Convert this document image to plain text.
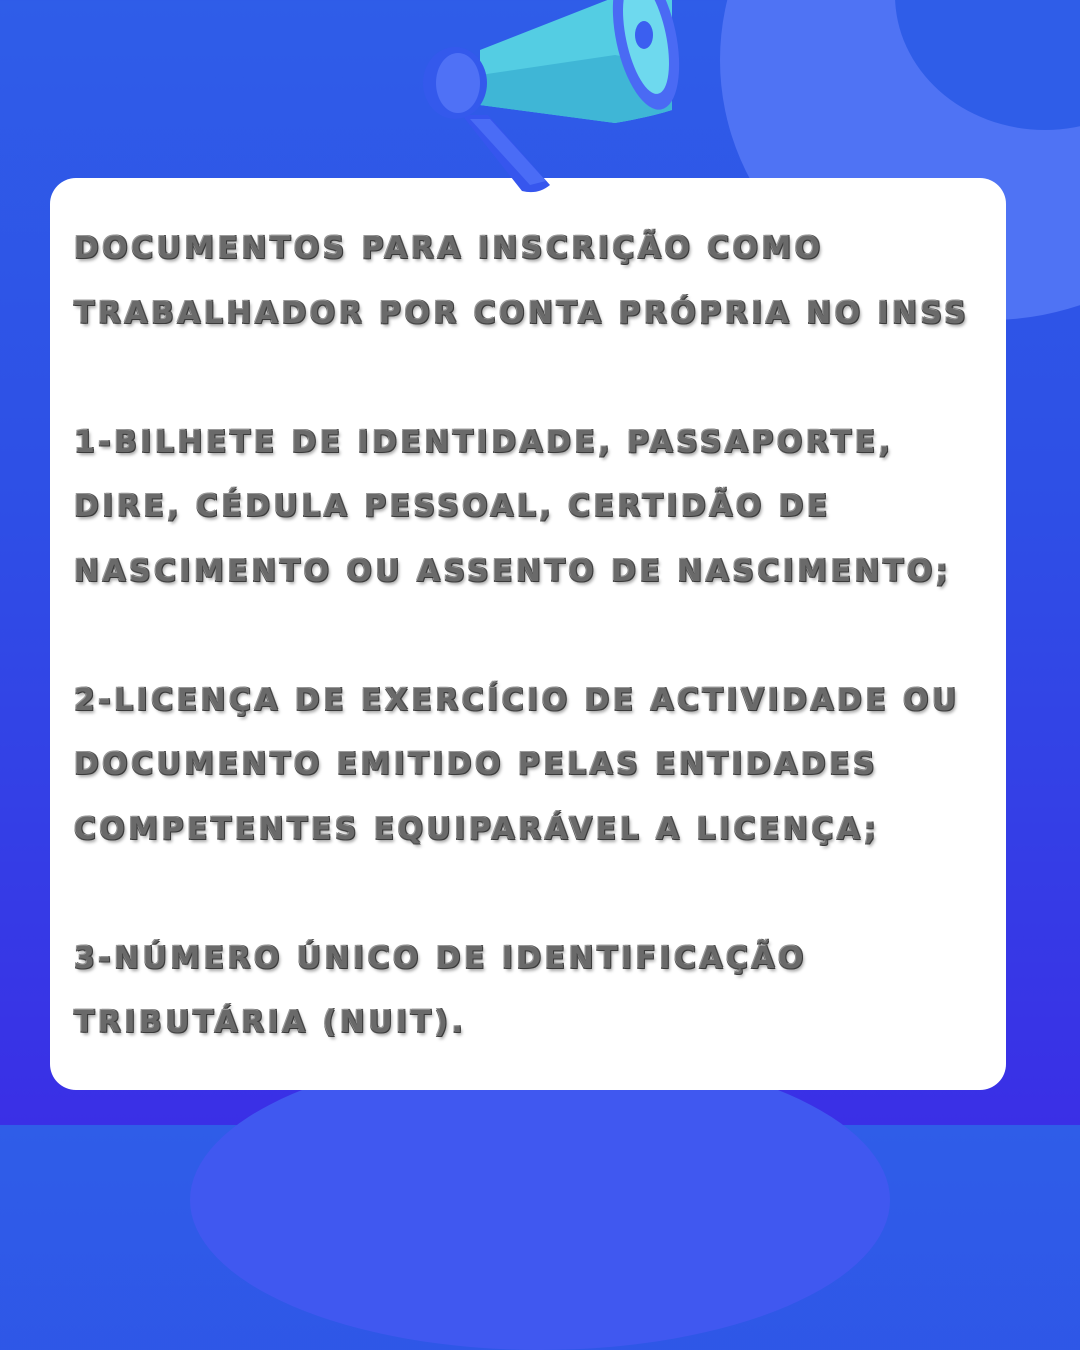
DOCUMENTOS PARA INSCRIÇÃO COMO
TRABALHADOR POR CONTA PRÓPRIA NO INSS
1-BILHETE DE IDENTIDADE, PASSAPORTE,
DIRE, CÉDULA PESSOAL, CERTIDÃO DE
NASCIMENTO OU ASSENTO DE NASCIMENTO;
2-LICENÇA DE EXERCÍCIO DE ACTIVIDADE OU
DOCUMENTO EMITIDO PELAS ENTIDADES
COMPETENTES EQUIPARÁVEL A LICENÇA;
3-NÚMERO ÚNICO DE IDENTIFICAÇÃO
TRIBUTÁRIA (NUIT).
